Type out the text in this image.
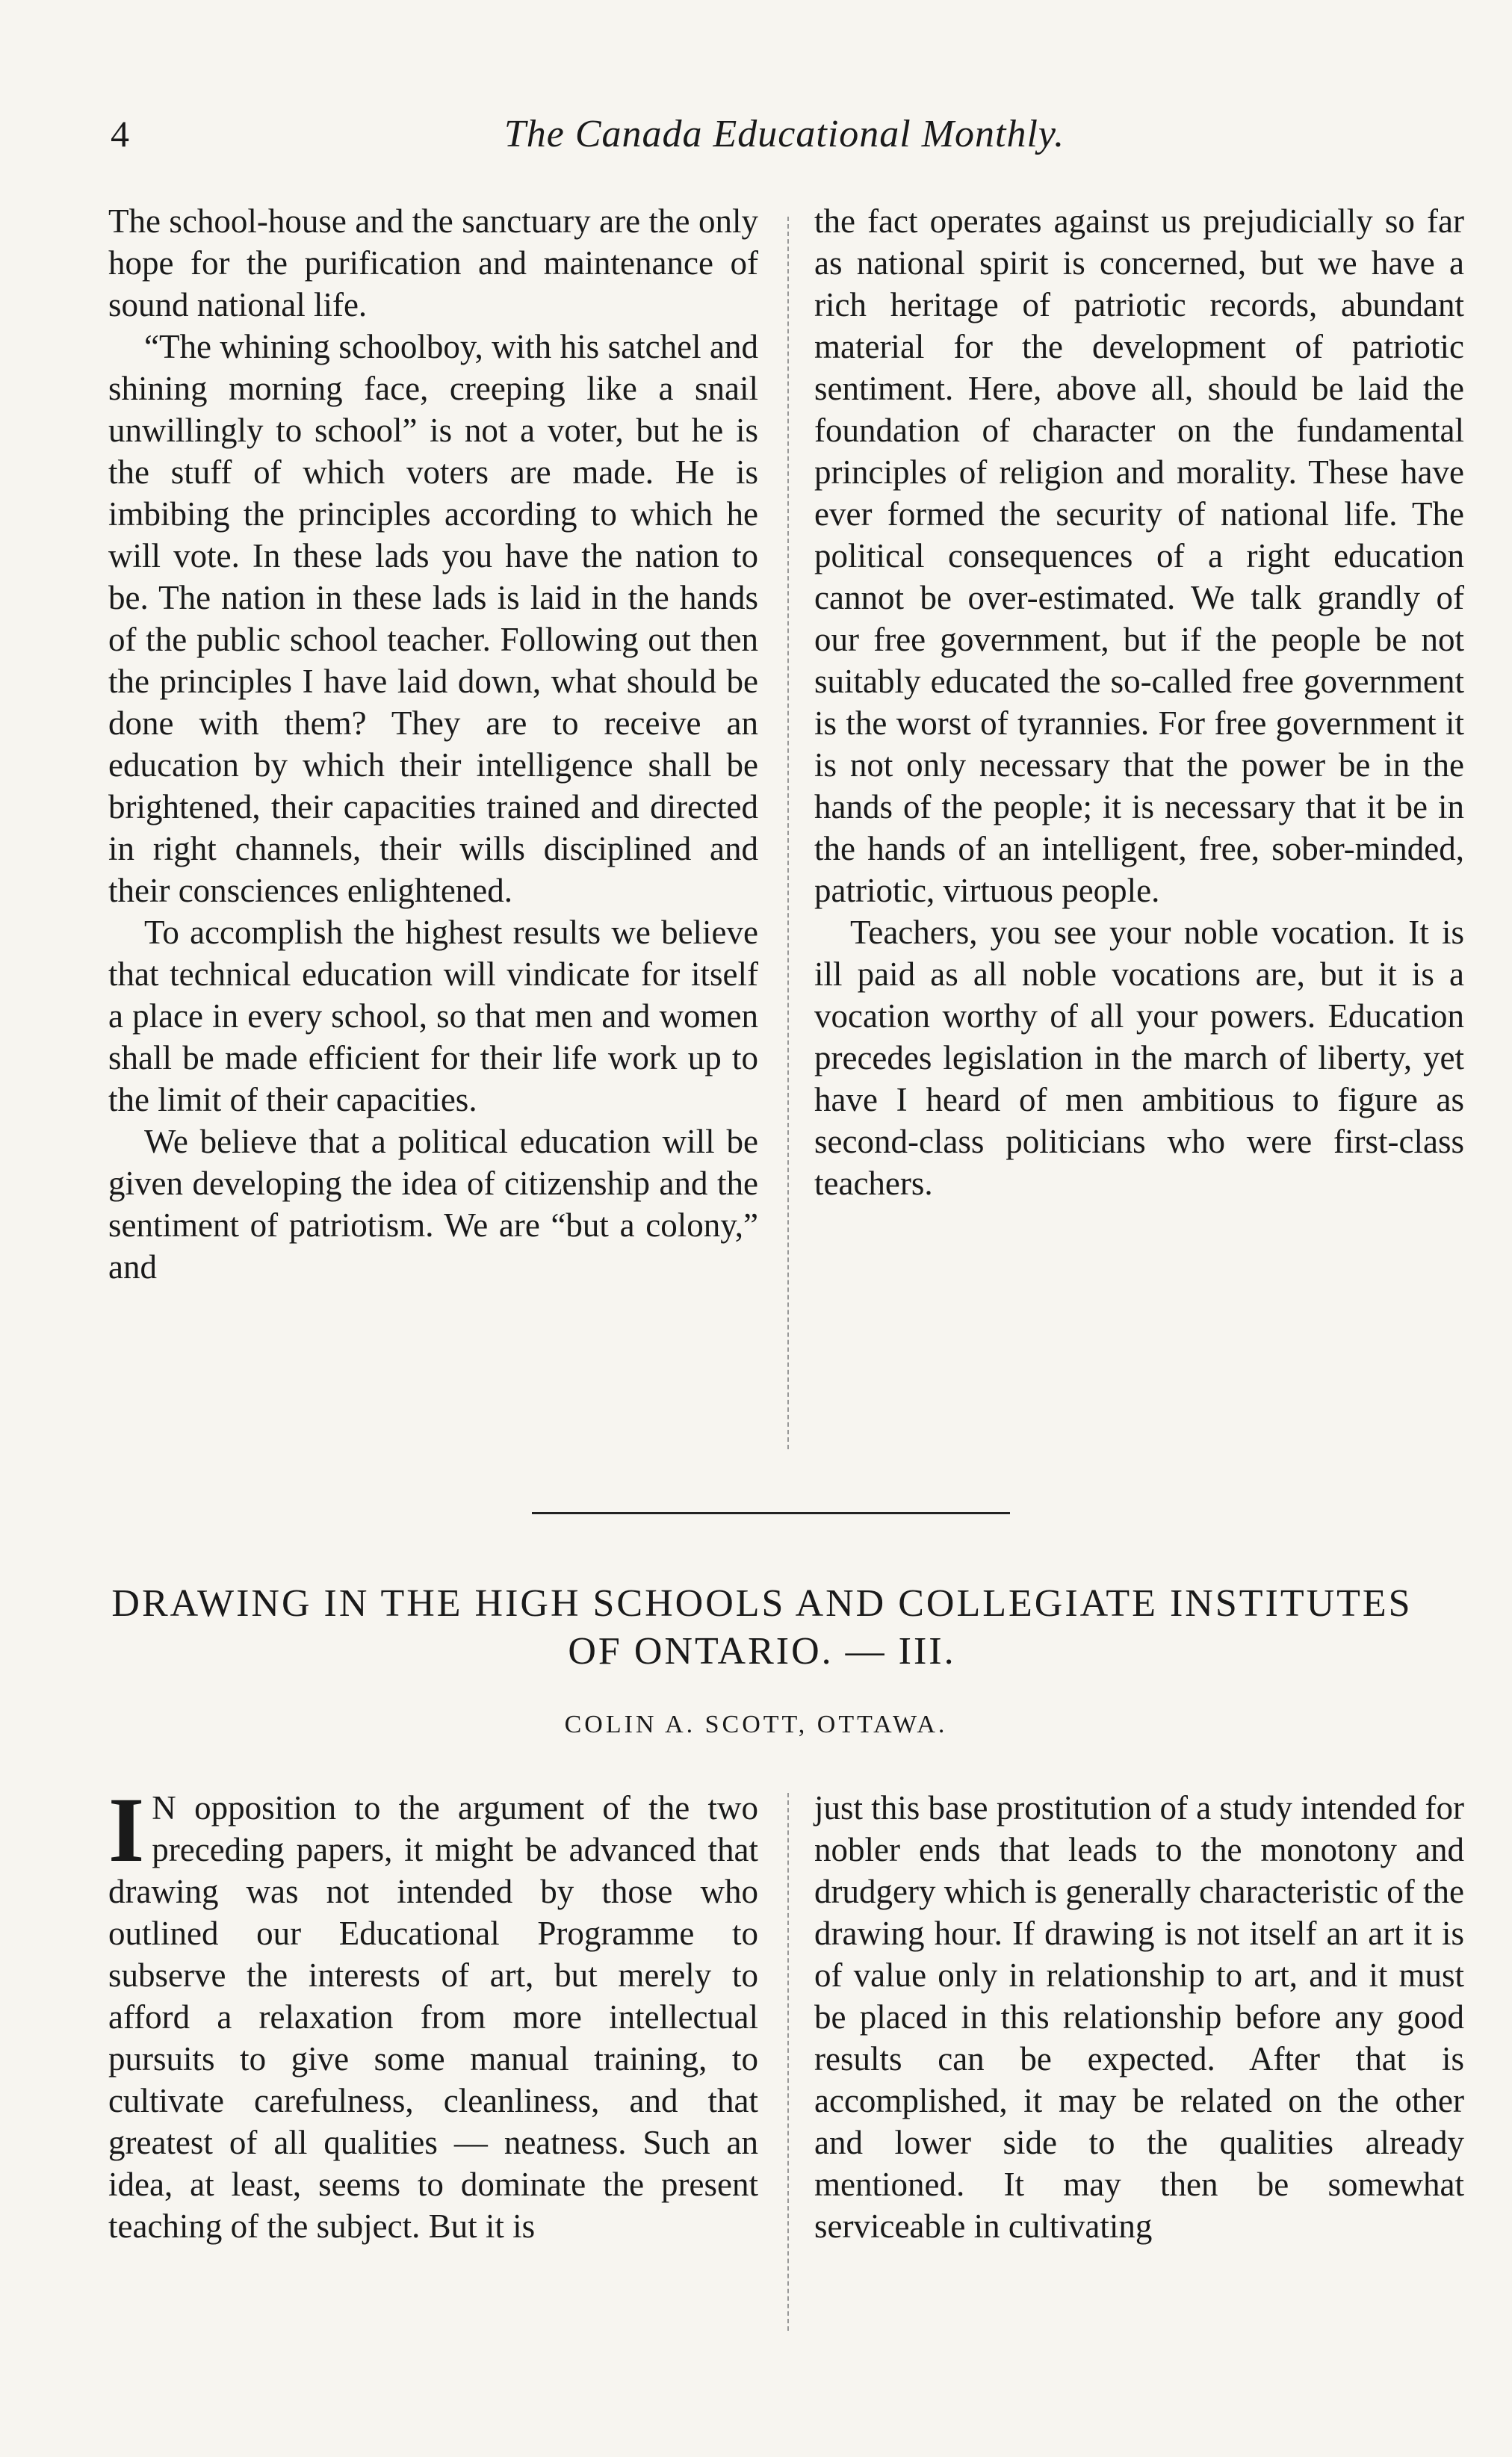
4	The Canada Educational Monthly.

The school-house and the sanctuary are the only hope for the purification and maintenance of sound national life.

“The whining schoolboy, with his satchel and shining morning face, creeping like a snail unwillingly to school” is not a voter, but he is the stuff of which voters are made. He is imbibing the principles according to which he will vote. In these lads you have the nation to be. The nation in these lads is laid in the hands of the public school teacher. Following out then the principles I have laid down, what should be done with them? They are to receive an education by which their intelligence shall be brightened, their capacities trained and directed in right channels, their wills disciplined and their consciences enlightened.

To accomplish the highest results we believe that technical education will vindicate for itself a place in every school, so that men and women shall be made efficient for their life work up to the limit of their capacities.

We believe that a political education will be given developing the idea of citizenship and the sentiment of patriotism. We are “but a colony,” and

the fact operates against us prejudicially so far as national spirit is concerned, but we have a rich heritage of patriotic records, abundant material for the development of patriotic sentiment. Here, above all, should be laid the foundation of character on the fundamental principles of religion and morality. These have ever formed the security of national life. The political consequences of a right education cannot be over-estimated. We talk grandly of our free government, but if the people be not suitably educated the so-called free government is the worst of tyrannies. For free government it is not only necessary that the power be in the hands of the people; it is necessary that it be in the hands of an intelligent, free, sober-minded, patriotic, virtuous people.

Teachers, you see your noble vocation. It is ill paid as all noble vocations are, but it is a vocation worthy of all your powers. Education precedes legislation in the march of liberty, yet have I heard of men ambitious to figure as second-class politicians who were first-class teachers.

DRAWING IN THE HIGH SCHOOLS AND COLLEGIATE INSTITUTES OF ONTARIO. — III.
COLIN A. SCOTT, OTTAWA.

I N opposition to the argument of the two preceding papers, it might be advanced that drawing was not intended by those who outlined our Educational Programme to subserve the interests of art, but merely to afford a relaxation from more intellectual pursuits to give some manual training, to cultivate carefulness, cleanliness, and that greatest of all qualities — neatness. Such an idea, at least, seems to dominate the present teaching of the subject. But it is

just this base prostitution of a study intended for nobler ends that leads to the monotony and drudgery which is generally characteristic of the drawing hour. If drawing is not itself an art it is of value only in relationship to art, and it must be placed in this relationship before any good results can be expected. After that is accomplished, it may be related on the other and lower side to the qualities already mentioned. It may then be somewhat serviceable in cultivating
